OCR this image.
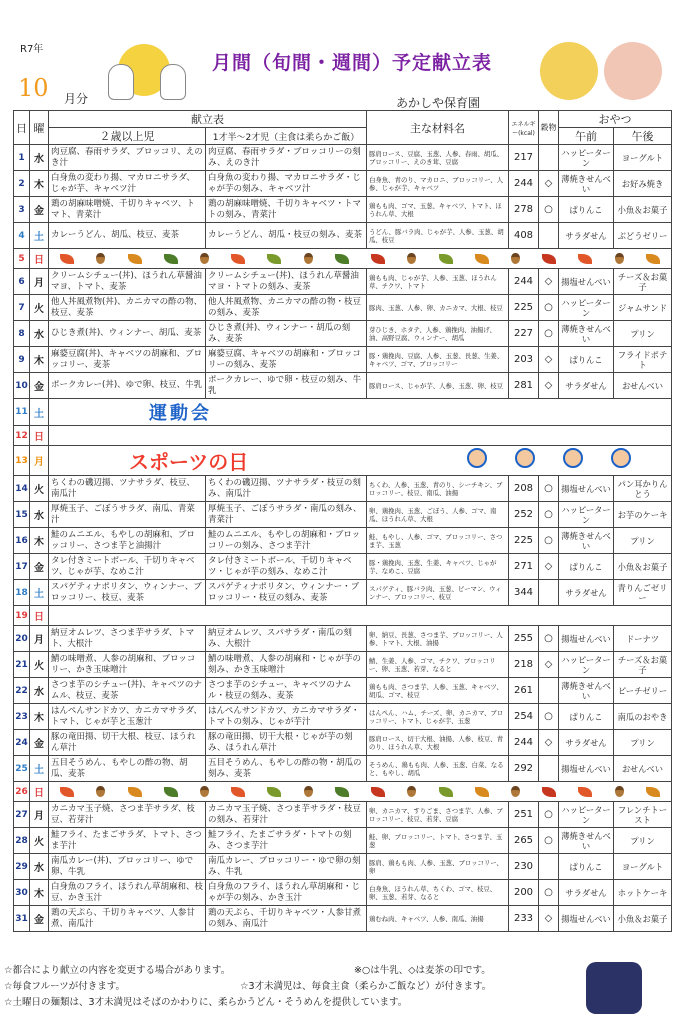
R7年
10 月分
月間（旬間・週間）予定献立表
あかしや保育園
日	曜	献立表		主な材料名	エネルギー(kcal)	穀物	おやつ	
		２歳以上児	1才半～2才児（主食は柔らかご飯）				午前	午後
1	水	肉豆腐、春雨サラダ、ブロッコリ、えのき汁	肉豆腐、春雨サラダ・ブロッコリーの刻み、えのき汁	豚肩ロース、豆腐、玉葱、人参、春雨、胡瓜、ブロッコリー、えのき茸、豆腐	217		ハッピーターン	ヨーグルト
2	木	白身魚の変わり揚、マカロニサラダ、じゃが芋、キャベツ汁	白身魚の変わり揚、マカロニサラダ・じゃが芋の刻み、キャベツ汁	白身魚、青のり、マカロニ、ブロッコリー、人参、じゃが芋、キャベツ	244	◇	薄焼きせんべい	お好み焼き
3	金	鶏の胡麻味噌焼、千切りキャベツ、トマト、青菜汁	鶏の胡麻味噌焼、千切りキャベツ・トマトの刻み、青菜汁	鶏もも肉、ゴマ、玉葱、キャベツ、トマト、ほうれん草、大根	278	○	ぱりんこ	小魚＆お菓子
4	土	カレーうどん、胡瓜、枝豆、麦茶	カレーうどん、胡瓜・枝豆の刻み、麦茶	うどん、豚バラ肉、じゃが芋、人参、玉葱、胡瓜、枝豆	408		サラダせん	ぶどうゼリー
5	日							

6	月	クリームシチュー(丼)、ほうれん草醤油マヨ、トマト、麦茶	クリームシチュー(丼)、ほうれん草醤油マヨ・トマトの刻み、麦茶	鶏もも肉、じゃが芋、人参、玉葱、ほうれん草、チクワ、トマト	244	◇	揚塩せんべい	チーズ＆お菓子
7	火	他人丼風煮物(丼)、カニカマの酢の物、枝豆、麦茶	他人丼風煮物、カニカマの酢の物・枝豆の刻み、麦茶	豚肉、玉葱、人参、卵、カニカマ、大根、枝豆	225	○	ハッピーターン	ジャムサンド
8	水	ひじき煮(丼)、ウィンナー、胡瓜、麦茶	ひじき煮(丼)、ウィンナー・胡瓜の刻み、麦茶	芽ひじき、ホタテ、人参、鶏挽肉、油揚げ、油、高野豆腐、ウィンナー、胡瓜	227	○	薄焼きせんべい	プリン
9	木	麻婆豆腐(丼)、キャベツの胡麻和、ブロッコリー、麦茶	麻婆豆腐、キャベツの胡麻和・ブロッコリーの刻み、麦茶	豚・鶏挽肉、豆腐、人参、玉葱、長葱、生姜、キャベツ、ゴマ、ブロッコリー	203	◇	ぱりんこ	フライドポテト
10	金	ポークカレー(丼)、ゆで卵、枝豆、牛乳	ポークカレー、ゆで卵・枝豆の刻み、牛乳	豚肩ロース、じゃが芋、人参、玉葱、卵、枝豆	281	◇	サラダせん	おせんべい
11	土	運動会						
12	日							
13	月	スポーツの日						

14	火	ちくわの磯辺揚、ツナサラダ、枝豆、南瓜汁	ちくわの磯辺揚、ツナサラダ・枝豆の刻み、南瓜汁	ちくわ、人参、玉葱、青のり、シーチキン、ブロッコリー、枝豆、南瓜、油揚	208	○	揚塩せんべい	パン耳かりんとう
15	水	厚焼玉子、ごぼうサラダ、南瓜、青菜汁	厚焼玉子、ごぼうサラダ・南瓜の刻み、青菜汁	卵、鶏挽肉、玉葱、ごぼう、人参、ゴマ、南瓜、ほうれん草、大根	252	○	ハッピーターン	お芋のケーキ
16	木	鮭のムニエル、もやしの胡麻和、ブロッコリー、さつま芋と油揚汁	鮭のムニエル、もやしの胡麻和・ブロッコリーの刻み、さつま芋汁	鮭、もやし、人参、ゴマ、ブロッコリー、さつま芋、玉葱	225	○	薄焼きせんべい	プリン
17	金	タレ付きミートボール、千切りキャベツ、じゃが芋、なめこ汁	タレ付きミートボール、千切りキャベツ・じゃが芋の刻み、なめこ汁	豚・鶏挽肉、玉葱、生姜、キャベツ、じゃが芋、なめこ、豆腐	271	◇	ぱりんこ	小魚＆お菓子
18	土	スパゲティナポリタン、ウィンナー、ブロッコリー、枝豆、麦茶	スパゲティナポリタン、ウィンナー・ブロッコリー・枝豆の刻み、麦茶	スパゲティ、豚バラ肉、玉葱、ピーマン、ウィンナー、ブロッコリー、枝豆	344		サラダせん	青りんごゼリー
19	日							
20	月	納豆オムレツ、さつま芋サラダ、トマト、大根汁	納豆オムレツ、スパサラダ・南瓜の刻み、大根汁	卵、納豆、長葱、さつま芋、ブロッコリー、人参、トマト、大根、油揚	255	○	揚塩せんべい	ドーナツ
21	火	鯖の味噌煮、人参の胡麻和、ブロッコリー、かき玉味噌汁	鯖の味噌煮、人参の胡麻和・じゃが芋の刻み、かき玉味噌汁	鯖、生姜、人参、ゴマ、チクワ、ブロッコリー、卵、玉葱、若芽、なると	218	◇	ハッピーターン	チーズ＆お菓子
22	水	さつま芋のシチュー(丼)、キャベツのナムル、枝豆、麦茶	さつま芋のシチュー、キャベツのナムル・枝豆の刻み、麦茶	鶏もも肉、さつま芋、人参、玉葱、キャベツ、胡瓜、ゴマ、枝豆	261		薄焼きせんべい	ピーチゼリー
23	木	はんぺんサンドカツ、カニカマサラダ、トマト、じゃが芋と玉葱汁	はんぺんサンドカツ、カニカマサラダ・トマトの刻み、じゃが芋汁	はんぺん、ハム、チーズ、卵、カニカマ、ブロッコリー、トマト、じゃが芋、玉葱	254	○	ぱりんこ	南瓜のおやき
24	金	豚の竜田揚、切干大根、枝豆、ほうれん草汁	豚の竜田揚、切干大根・じゃが芋の刻み、ほうれん草汁	豚肩ロース、切干大根、油揚、人参、枝豆、青のり、ほうれん草、大根	244	◇	サラダせん	プリン
25	土	五目そうめん、もやしの酢の物、胡瓜、麦茶	五目そうめん、もやしの酢の物・胡瓜の刻み、麦茶	そうめん、鶏もも肉、人参、玉葱、白菜、なると、もやし、胡瓜	292		揚塩せんべい	おせんべい
26	日							

27	月	カニカマ玉子焼、さつま芋サラダ、枝豆、若芽汁	カニカマ玉子焼、さつま芋サラダ・枝豆の刻み、若芽汁	卵、カニカマ、すりごま、さつま芋、人参、ブロッコリー、枝豆、若芽、豆腐	251	○	ハッピーターン	フレンチトースト
28	火	鮭フライ、たまごサラダ、トマト、さつま芋汁	鮭フライ、たまごサラダ・トマトの刻み、さつま芋汁	鮭、卵、ブロッコリー、トマト、さつま芋、玉葱	265	○	薄焼きせんべい	プリン
29	水	南瓜カレー(丼)、ブロッコリー、ゆで卵、牛乳	南瓜カレー、ブロッコリー・ゆで卵の刻み、牛乳	豚肩、鶏もも肉、人参、玉葱、ブロッコリー、卵	230		ぱりんこ	ヨーグルト
30	木	白身魚のフライ、ほうれん草胡麻和、枝豆、かき玉汁	白身魚のフライ、ほうれん草胡麻和・じゃが芋の刻み、かき玉汁	白身魚、ほうれん草、ちくわ、ゴマ、枝豆、卵、玉葱、若芽、なると	200	○	サラダせん	ホットケーキ
31	金	鶏の天ぷら、千切りキャベツ、人参甘煮、南瓜汁	鶏の天ぷら、千切りキャベツ・人参甘煮の刻み、南瓜汁	鶏むね肉、キャベツ、人参、南瓜、油揚	233	◇	揚塩せんべい	小魚＆お菓子
☆都合により献立の内容を変更する場合があります。	※○は牛乳、◇は麦茶の印です。
☆毎食フルーツが付きます。	☆3才未満児は、毎食主食（柔らかご飯など）が付きます。
☆土曜日の麺類は、3才未満児はそばのかわりに、柔らかうどん・そうめんを提供しています。
